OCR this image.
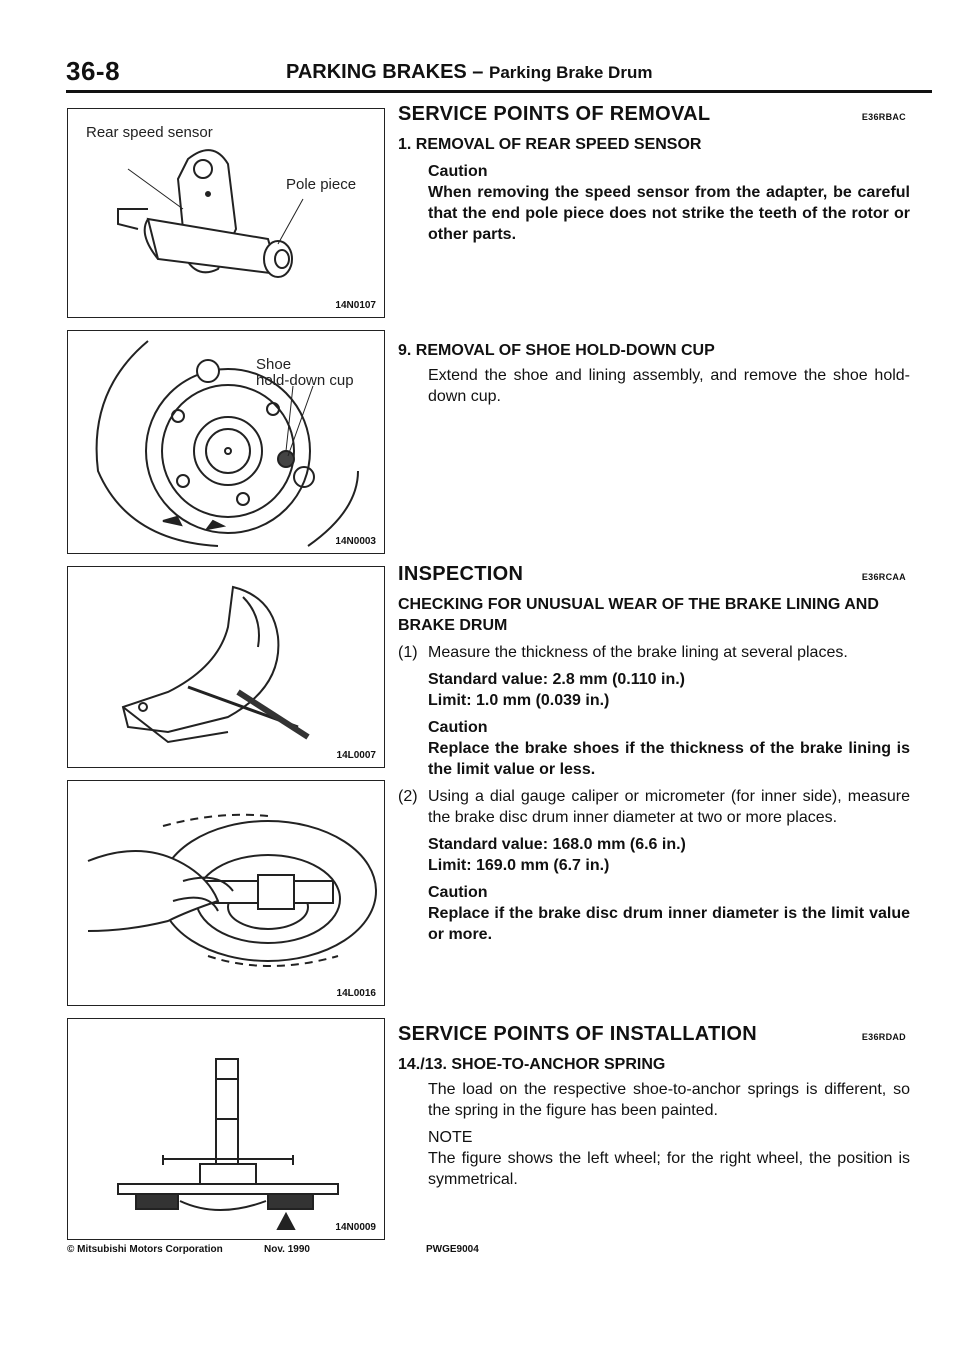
36-8	PARKING BRAKES – Parking Brake Drum
Rear speed sensor
Pole piece
14N0107
Shoe
hold-down cup
14N0003
14L0007
14L0016
14N0009
SERVICE POINTS OF REMOVAL	E36RBAC
1. REMOVAL OF REAR SPEED SENSOR
Caution
When removing the speed sensor from the adapter, be careful that the end pole piece does not strike the teeth of the rotor or other parts.
9. REMOVAL OF SHOE HOLD-DOWN CUP
Extend the shoe and lining assembly, and remove the shoe hold-down cup.
INSPECTION	E36RCAA
CHECKING FOR UNUSUAL WEAR OF THE BRAKE LINING AND BRAKE DRUM
(1) Measure the thickness of the brake lining at several places.
Standard value: 2.8 mm (0.110 in.)
Limit: 1.0 mm (0.039 in.)
Caution
Replace the brake shoes if the thickness of the brake lining is the limit value or less.
(2) Using a dial gauge caliper or micrometer (for inner side), measure the brake disc drum inner diameter at two or more places.
Standard value: 168.0 mm (6.6 in.)
Limit: 169.0 mm (6.7 in.)
Caution
Replace if the brake disc drum inner diameter is the limit value or more.
SERVICE POINTS OF INSTALLATION	E36RDAD
14./13. SHOE-TO-ANCHOR SPRING
The load on the respective shoe-to-anchor springs is different, so the spring in the figure has been painted.
NOTE
The figure shows the left wheel; for the right wheel, the position is symmetrical.
© Mitsubishi Motors Corporation	Nov. 1990	PWGE9004
